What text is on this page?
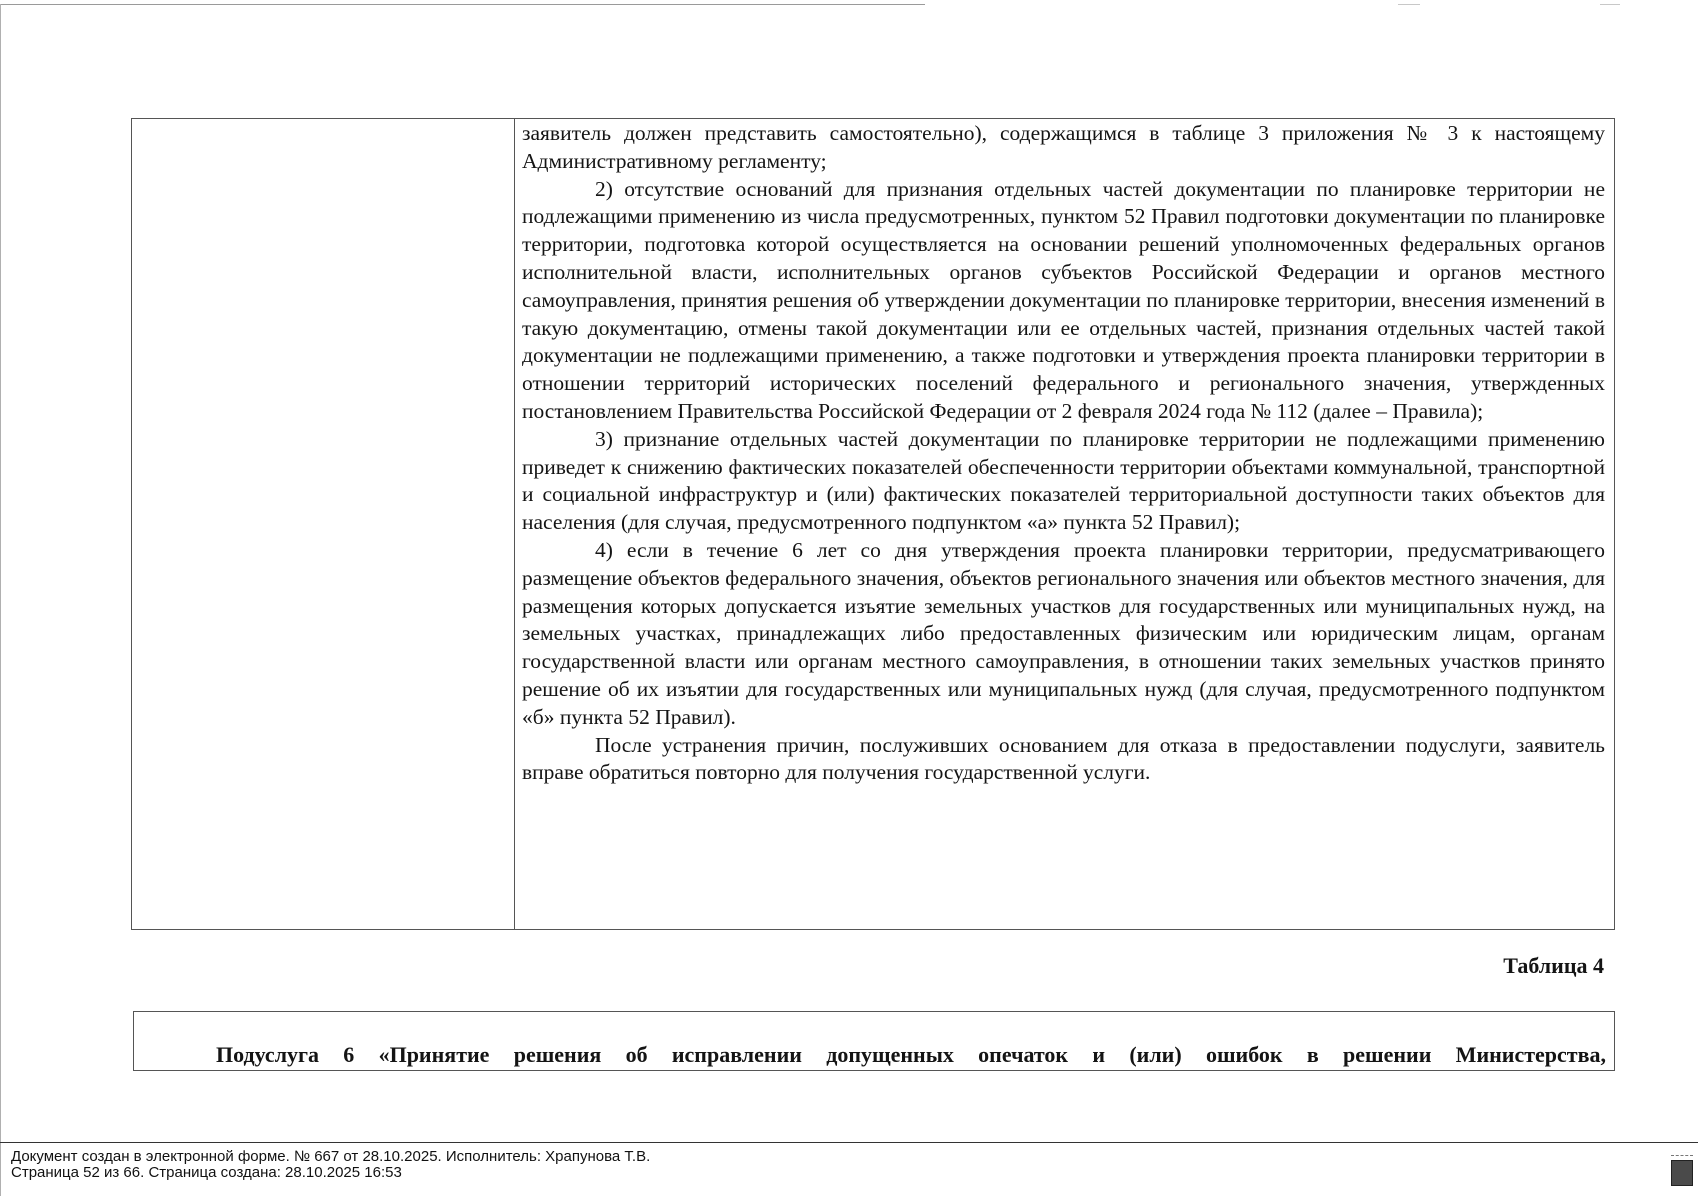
заявитель должен представить самостоятельно), содержащимся в таблице 3 приложения № 3 к настоящему Административному регламенту;

2) отсутствие оснований для признания отдельных частей документации по планировке территории не подлежащими применению из числа предусмотренных, пунктом 52 Правил подготовки документации по планировке территории, подготовка которой осуществляется на основании решений уполномоченных федеральных органов исполнительной власти, исполнительных органов субъектов Российской Федерации и органов местного самоуправления, принятия решения об утверждении документации по планировке территории, внесения изменений в такую документацию, отмены такой документации или ее отдельных частей, признания отдельных частей такой документации не подлежащими применению, а также подготовки и утверждения проекта планировки территории в отношении территорий исторических поселений федерального и регионального значения, утвержденных постановлением Правительства Российской Федерации от 2 февраля 2024 года № 112 (далее – Правила);

3) признание отдельных частей документации по планировке территории не подлежащими применению приведет к снижению фактических показателей обеспеченности территории объектами коммунальной, транспортной и социальной инфраструктур и (или) фактических показателей территориальной доступности таких объектов для населения (для случая, предусмотренного подпунктом «а» пункта 52 Правил);

4) если в течение 6 лет со дня утверждения проекта планировки территории, предусматривающего размещение объектов федерального значения, объектов регионального значения или объектов местного значения, для размещения которых допускается изъятие земельных участков для государственных или муниципальных нужд, на земельных участках, принадлежащих либо предоставленных физическим или юридическим лицам, органам государственной власти или органам местного самоуправления, в отношении таких земельных участков принято решение об их изъятии для государственных или муниципальных нужд (для случая, предусмотренного подпунктом «б» пункта 52 Правил).

После устранения причин, послуживших основанием для отказа в предоставлении подуслуги, заявитель вправе обратиться повторно для получения государственной услуги.

Таблица 4
Подуслуга 6 «Принятие решения об исправлении допущенных опечаток и (или) ошибок в решении Министерства,
Документ создан в электронной форме. № 667 от 28.10.2025. Исполнитель: Храпунова Т.В.
Страница 52 из 66. Страница создана: 28.10.2025 16:53
